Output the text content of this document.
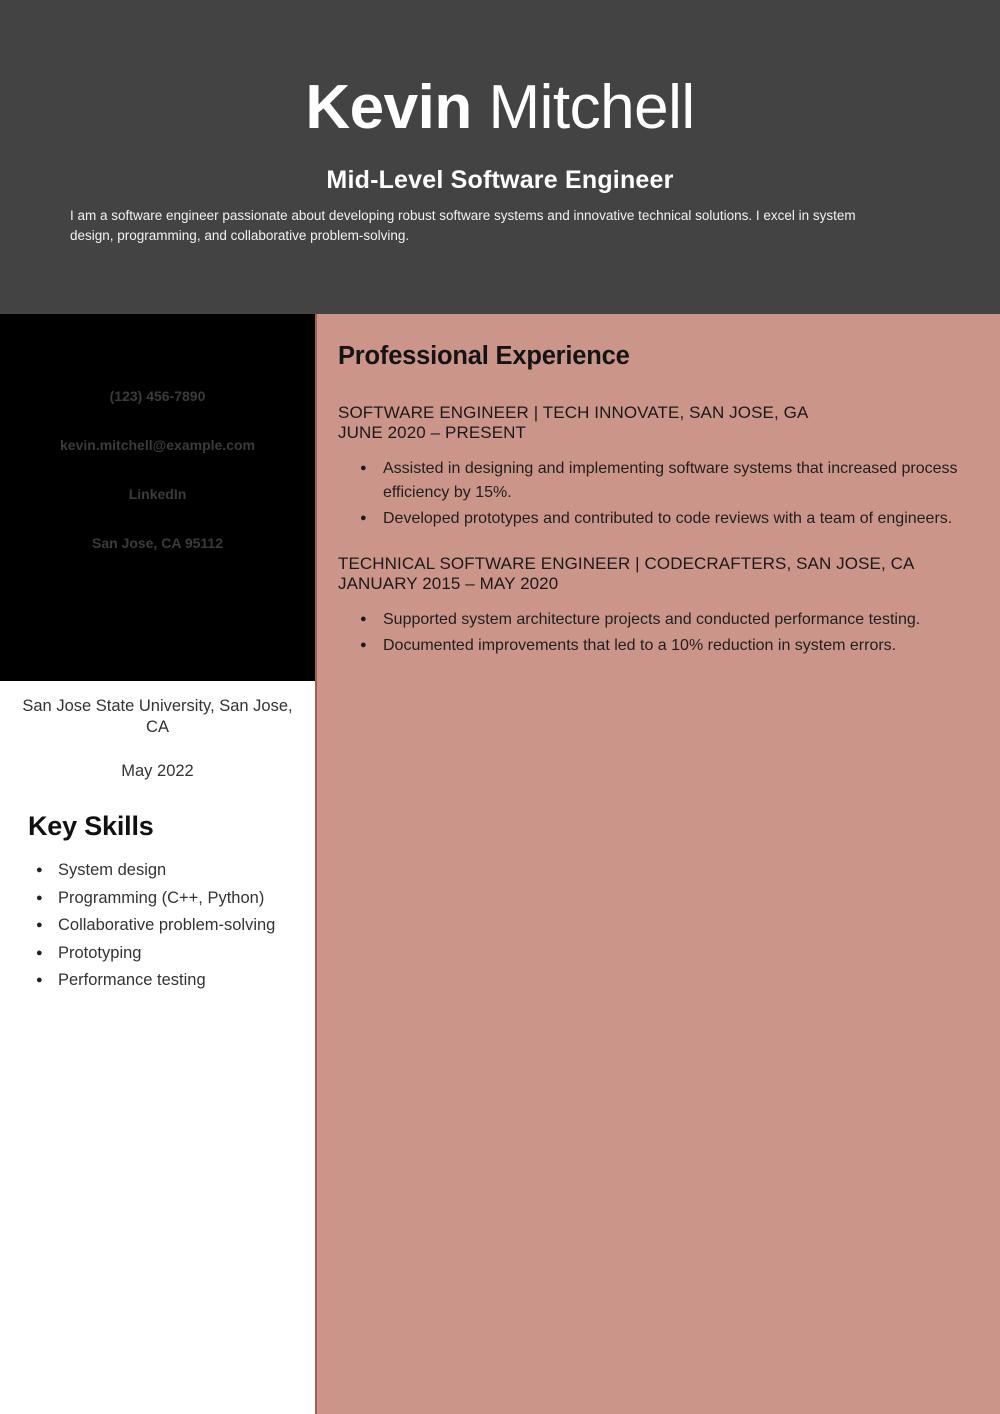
Kevin Mitchell
Mid-Level Software Engineer
I am a software engineer passionate about developing robust software systems and innovative technical solutions. I excel in system design, programming, and collaborative problem-solving.
(123) 456-7890
kevin.mitchell@example.com
LinkedIn
San Jose, CA 95112
San Jose State University, San Jose, CA
May 2022
Key Skills
● System design
● Programming (C++, Python)
● Collaborative problem-solving
● Prototyping
● Performance testing
Professional Experience
SOFTWARE ENGINEER | TECH INNOVATE, SAN JOSE, GA
JUNE 2020 – PRESENT
● Assisted in designing and implementing software systems that increased process efficiency by 15%.
● Developed prototypes and contributed to code reviews with a team of engineers.
TECHNICAL SOFTWARE ENGINEER | CODECRAFTERS, SAN JOSE, CA
JANUARY 2015 – MAY 2020
● Supported system architecture projects and conducted performance testing.
● Documented improvements that led to a 10% reduction in system errors.
